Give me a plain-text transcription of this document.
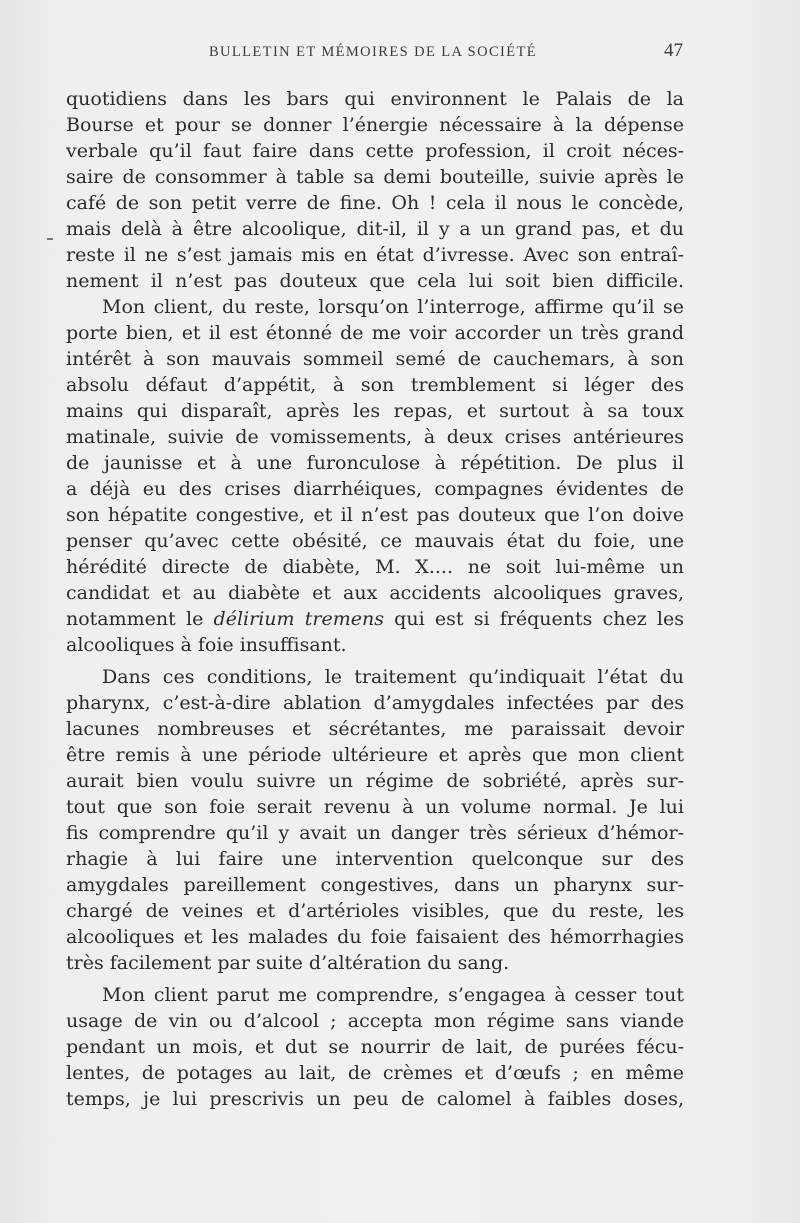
BULLETIN ET MÉMOIRES DE LA SOCIÉTÉ	47
quotidiens dans les bars qui environnent le Palais de la
Bourse et pour se donner l’énergie nécessaire à la dépense
verbale qu’il faut faire dans cette profession, il croit néces-
saire de consommer à table sa demi bouteille, suivie après le
café de son petit verre de fine. Oh ! cela il nous le concède,
mais delà à être alcoolique, dit-il, il y a un grand pas, et du
reste il ne s’est jamais mis en état d’ivresse. Avec son entraî-
nement il n’est pas douteux que cela lui soit bien difficile.
Mon client, du reste, lorsqu’on l’interroge, affirme qu’il se
porte bien, et il est étonné de me voir accorder un très grand
intérêt à son mauvais sommeil semé de cauchemars, à son
absolu défaut d’appétit, à son tremblement si léger des
mains qui disparaît, après les repas, et surtout à sa toux
matinale, suivie de vomissements, à deux crises antérieures
de jaunisse et à une furonculose à répétition. De plus il
a déjà eu des crises diarrhéiques, compagnes évidentes de
son hépatite congestive, et il n’est pas douteux que l’on doive
penser qu’avec cette obésité, ce mauvais état du foie, une
hérédité directe de diabète, M. X.... ne soit lui-même un
candidat et au diabète et aux accidents alcooliques graves,
notamment le délirium tremens qui est si fréquents chez les
alcooliques à foie insuffisant.
Dans ces conditions, le traitement qu’indiquait l’état du
pharynx, c’est-à-dire ablation d’amygdales infectées par des
lacunes nombreuses et sécrétantes, me paraissait devoir
être remis à une période ultérieure et après que mon client
aurait bien voulu suivre un régime de sobriété, après sur-
tout que son foie serait revenu à un volume normal. Je lui
fis comprendre qu’il y avait un danger très sérieux d’hémor-
rhagie à lui faire une intervention quelconque sur des
amygdales pareillement congestives, dans un pharynx sur-
chargé de veines et d’artérioles visibles, que du reste, les
alcooliques et les malades du foie faisaient des hémorrhagies
très facilement par suite d’altération du sang.
Mon client parut me comprendre, s’engagea à cesser tout
usage de vin ou d’alcool ; accepta mon régime sans viande
pendant un mois, et dut se nourrir de lait, de purées fécu-
lentes, de potages au lait, de crèmes et d’œufs ; en même
temps, je lui prescrivis un peu de calomel à faibles doses,
